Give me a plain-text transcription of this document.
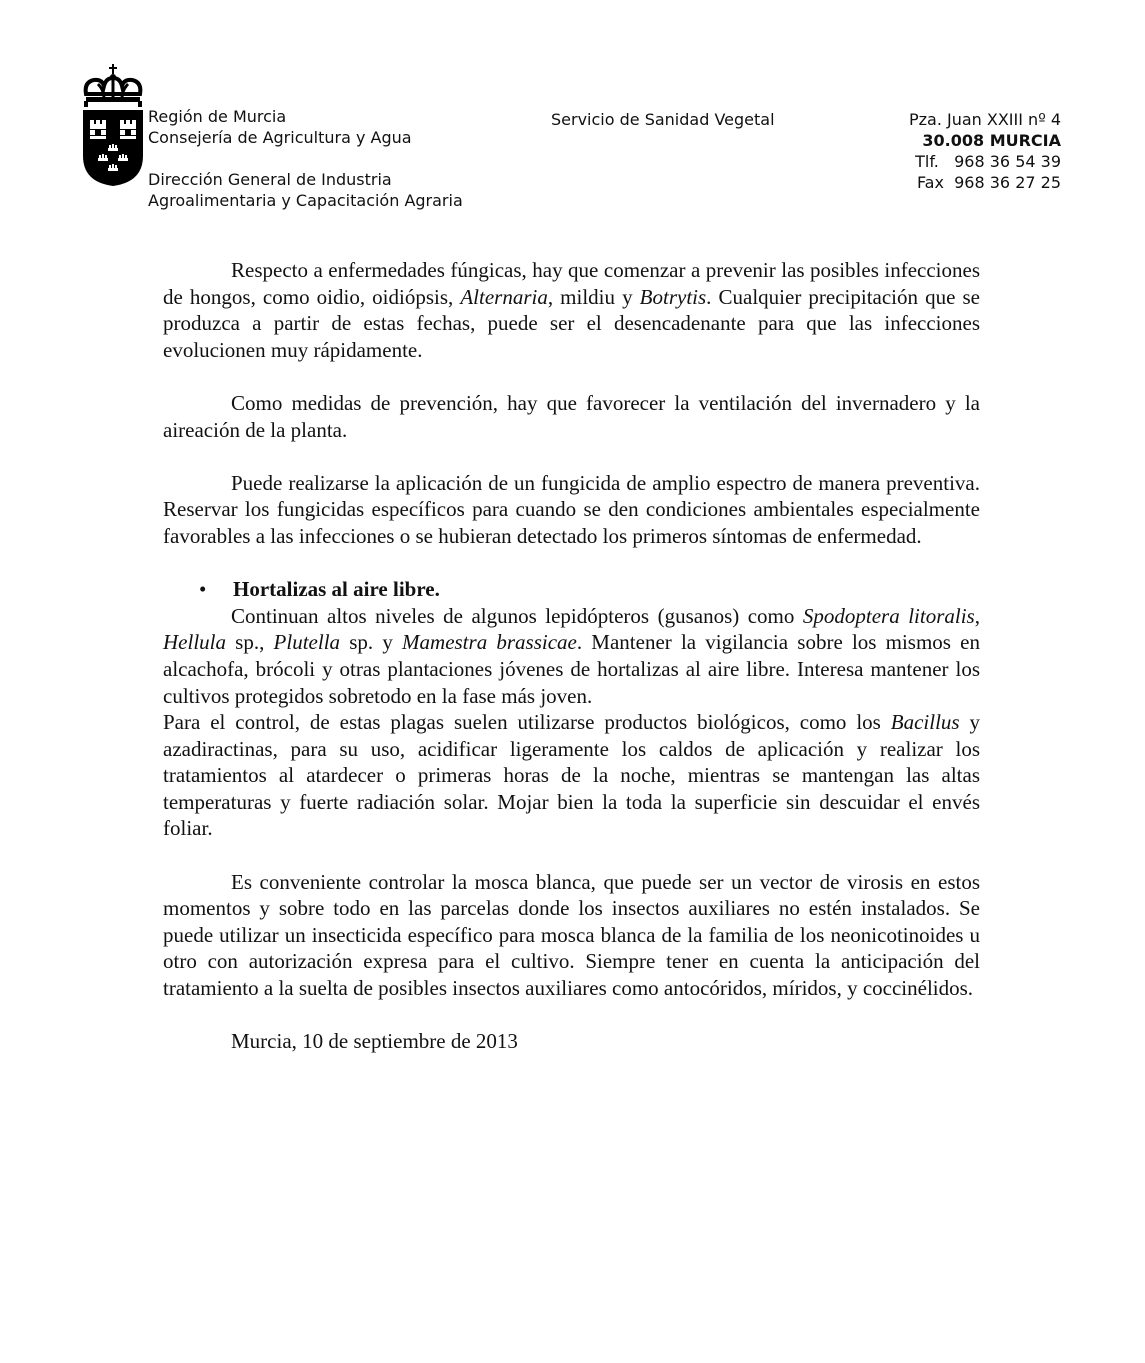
Región de Murcia
Consejería de Agricultura y Agua
Dirección General de Industria
Agroalimentaria y Capacitación Agraria
Servicio de Sanidad Vegetal	Pza. Juan XXIII nº 4
30.008 MURCIA
Tlf.   968 36 54 39
Fax  968 36 27 25

Respecto a enfermedades fúngicas, hay que comenzar a prevenir las posibles infecciones de hongos, como oidio, oidiópsis, Alternaria, mildiu y Botrytis. Cualquier precipitación que se produzca a partir de estas fechas, puede ser el desencadenante para que las infecciones evolucionen muy rápidamente.

Como medidas de prevención, hay que favorecer la ventilación del invernadero y la aireación de la planta.

Puede realizarse la aplicación de un fungicida de amplio espectro de manera preventiva. Reservar los fungicidas específicos para cuando se den condiciones ambientales especialmente favorables a las infecciones o se hubieran detectado los primeros síntomas de enfermedad.

• Hortalizas al aire libre.

Continuan altos niveles de algunos lepidópteros (gusanos) como Spodoptera litoralis, Hellula sp., Plutella sp. y Mamestra brassicae. Mantener la vigilancia sobre los mismos en alcachofa, brócoli y otras plantaciones jóvenes de hortalizas al aire libre. Interesa mantener los cultivos protegidos sobretodo en la fase más joven.

Para el control, de estas plagas suelen utilizarse productos biológicos, como los Bacillus y azadiractinas, para su uso, acidificar ligeramente los caldos de aplicación y realizar los tratamientos al atardecer o primeras horas de la noche, mientras se mantengan las altas temperaturas y fuerte radiación solar. Mojar bien la toda la superficie sin descuidar el envés foliar.

Es conveniente controlar la mosca blanca, que puede ser un vector de virosis en estos momentos y sobre todo en las parcelas donde los insectos auxiliares no estén instalados. Se puede utilizar un insecticida específico para mosca blanca de la familia de los neonicotinoides u otro con autorización expresa para el cultivo. Siempre tener en cuenta la anticipación del tratamiento a la suelta de posibles insectos auxiliares como antocóridos, míridos, y coccinélidos.

Murcia, 10 de septiembre de 2013
